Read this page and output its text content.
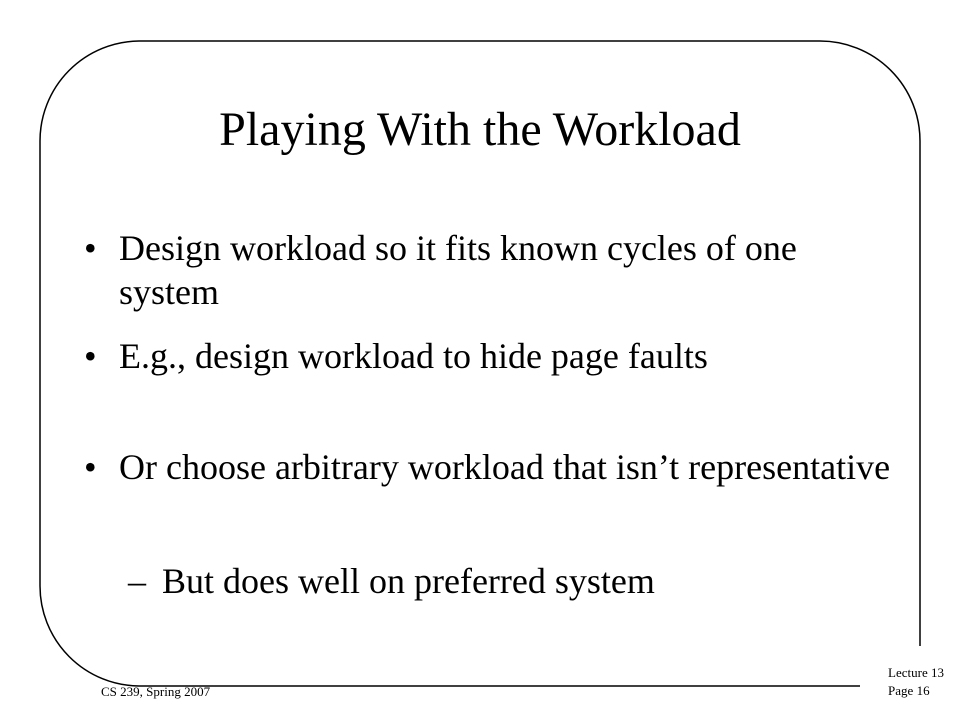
Playing With the Workload
• Design workload so it fits known cycles of one system
• E.g., design workload to hide page faults
• Or choose arbitrary workload that isn’t representative
– But does well on preferred system
CS 239, Spring 2007
Lecture 13
Page 16
